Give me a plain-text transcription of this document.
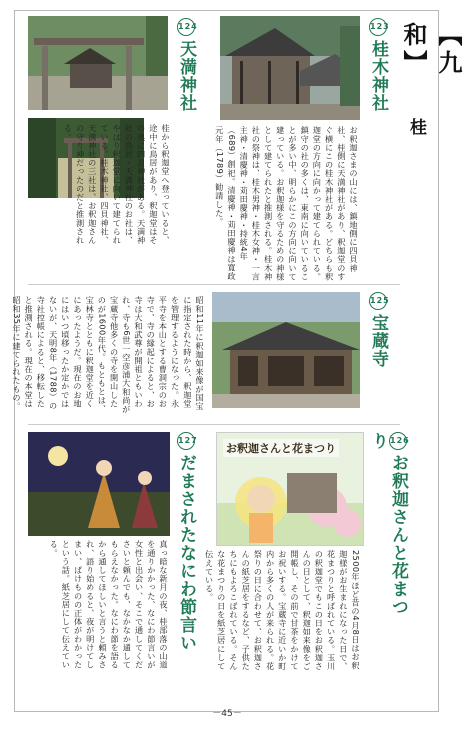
【九和】
桂
123桂木神社
お釈迦さまの山には、鎮地側に四貝神社、桂側に天満神社があり、釈迦堂のすぐ横にこの桂木神社がある。どちらも釈迦堂の方向に向かって建てられている。鎮守の社の多くは、東南に向いていることが多い中、明らかにこの方向に向いて建っている。お釈迦様を守るための神様として建てられたと推測される。桂木神社の祭神は、桂木男神・桂木女神・一言主神・清慶神・苅田慶神・持統4年（689）創祀。清慶神・苅田慶神は寛政元年（1789）勧請した。
124天満神社
桂から釈迦堂へ登っていると、途中に鳥居があり、釈迦堂はその奥に四貝神社がある。天満神社の鳥居・天満神社のお社は、やはり釈迦堂に向いて建てられている。桂木神社、四貝神社、天満神社の三社は、お釈迦さんの守り神だったのだと推測される。
125宝蔵寺
昭和11年に釈迦如来像が国宝に指定された時から、釈迦堂を管理するようになった。永平寺を本山とする曹洞宗のお寺で、寺の縁起によると、お寺は大和武尊が開祖ともいわれ、寺も6世一空彦浦大和尚が宝蔵寺他多くの寺を開山したのが1600年代。もともとは、宝林寺とともに釈迦堂を近くにあったようだ。現在のお地にはいつ頃移ったか定かではないが、天明8年（1788）の寺社控帳によると、移転したと推測される。現在の本堂は昭和35年に建てられたもの。
126お釈迦さんと花まつり
お釈迦さんと花まつり
2500年ほど昔の4月8日はお釈迦様がお生まれになった日で、花まつりと呼ばれている。玉川の釈迦堂でもこの日をお釈迦さんの日として、釈迦如来像をご開帳し、その前で甘茶をかけてお祝いする。宝蔵寺に近いか町内から多くの人が来られる。花祭りの日に合わせて、お釈迦さんの紙芝居をするなど、子供たちにもよろこばれている。そんな花まつりの日を紙芝居にして伝えている。
127だまされたなにわ節言い
真っ暗な新月の夜、桂部落の山道を通りかかった、なにわ節言いが女性と出会い、そこで通してくださいと頼んでも、なかなか通してもらえなかった。なにわ節を語るから通してほしいと言うと頼みされ、語り始めると、夜が明けてしまい、ぱけものの正体がわかったという話。紙芝居にして伝えている。
－45－
